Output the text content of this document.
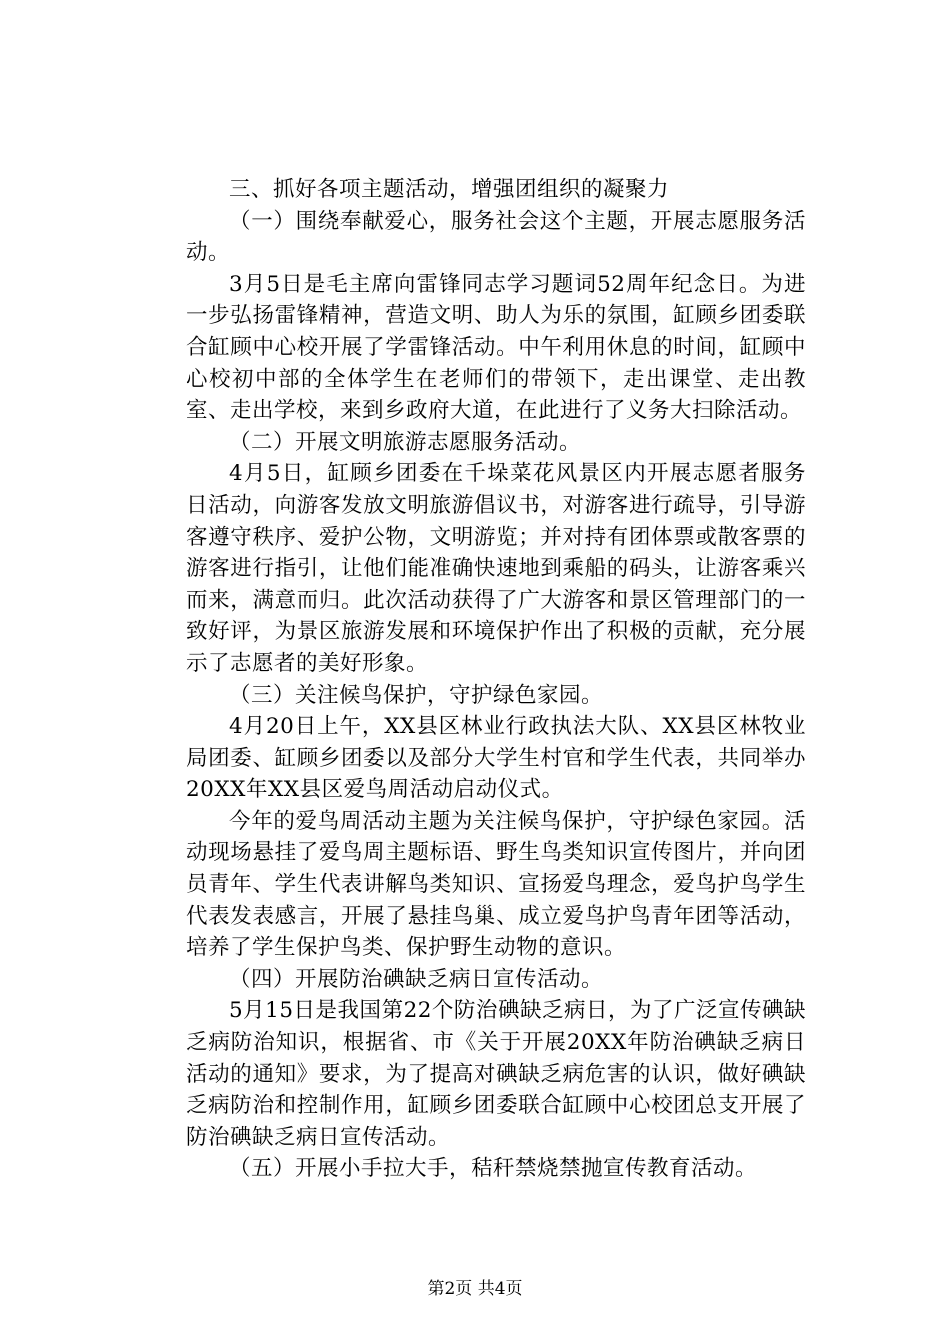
三、抓好各项主题活动，增强团组织的凝聚力

（一）围绕奉献爱心，服务社会这个主题，开展志愿服务活动。

3月5日是毛主席向雷锋同志学习题词52周年纪念日。为进一步弘扬雷锋精神，营造文明、助人为乐的氛围，缸顾乡团委联合缸顾中心校开展了学雷锋活动。中午利用休息的时间，缸顾中心校初中部的全体学生在老师们的带领下，走出课堂、走出教室、走出学校，来到乡政府大道，在此进行了义务大扫除活动。

（二）开展文明旅游志愿服务活动。

4月5日，缸顾乡团委在千垛菜花风景区内开展志愿者服务日活动，向游客发放文明旅游倡议书，对游客进行疏导，引导游客遵守秩序、爱护公物，文明游览；并对持有团体票或散客票的游客进行指引，让他们能准确快速地到乘船的码头，让游客乘兴而来，满意而归。此次活动获得了广大游客和景区管理部门的一致好评，为景区旅游发展和环境保护作出了积极的贡献，充分展示了志愿者的美好形象。

（三）关注候鸟保护，守护绿色家园。

4月20日上午，XX县区林业行政执法大队、XX县区林牧业局团委、缸顾乡团委以及部分大学生村官和学生代表，共同举办20XX年XX县区爱鸟周活动启动仪式。

今年的爱鸟周活动主题为关注候鸟保护，守护绿色家园。活动现场悬挂了爱鸟周主题标语、野生鸟类知识宣传图片，并向团员青年、学生代表讲解鸟类知识、宣扬爱鸟理念，爱鸟护鸟学生代表发表感言，开展了悬挂鸟巢、成立爱鸟护鸟青年团等活动，培养了学生保护鸟类、保护野生动物的意识。

（四）开展防治碘缺乏病日宣传活动。

5月15日是我国第22个防治碘缺乏病日，为了广泛宣传碘缺乏病防治知识，根据省、市《关于开展20XX年防治碘缺乏病日活动的通知》要求，为了提高对碘缺乏病危害的认识，做好碘缺乏病防治和控制作用，缸顾乡团委联合缸顾中心校团总支开展了防治碘缺乏病日宣传活动。

（五）开展小手拉大手，秸秆禁烧禁抛宣传教育活动。

第2页 共4页
